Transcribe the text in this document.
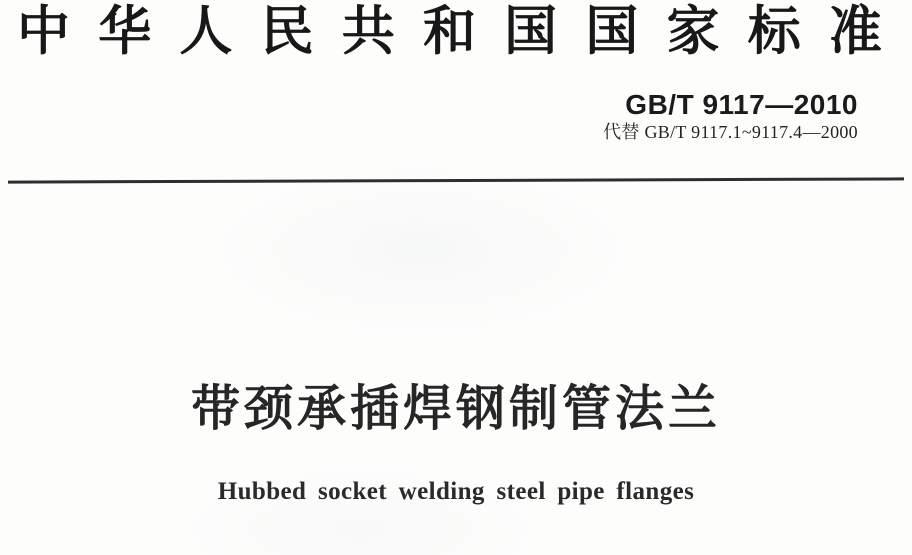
中 华 人 民 共 和 国 国 家 标 准
GB/T 9117—2010
代替 GB/T 9117.1~9117.4—2000
带颈承插焊钢制管法兰
Hubbed socket welding steel pipe flanges
